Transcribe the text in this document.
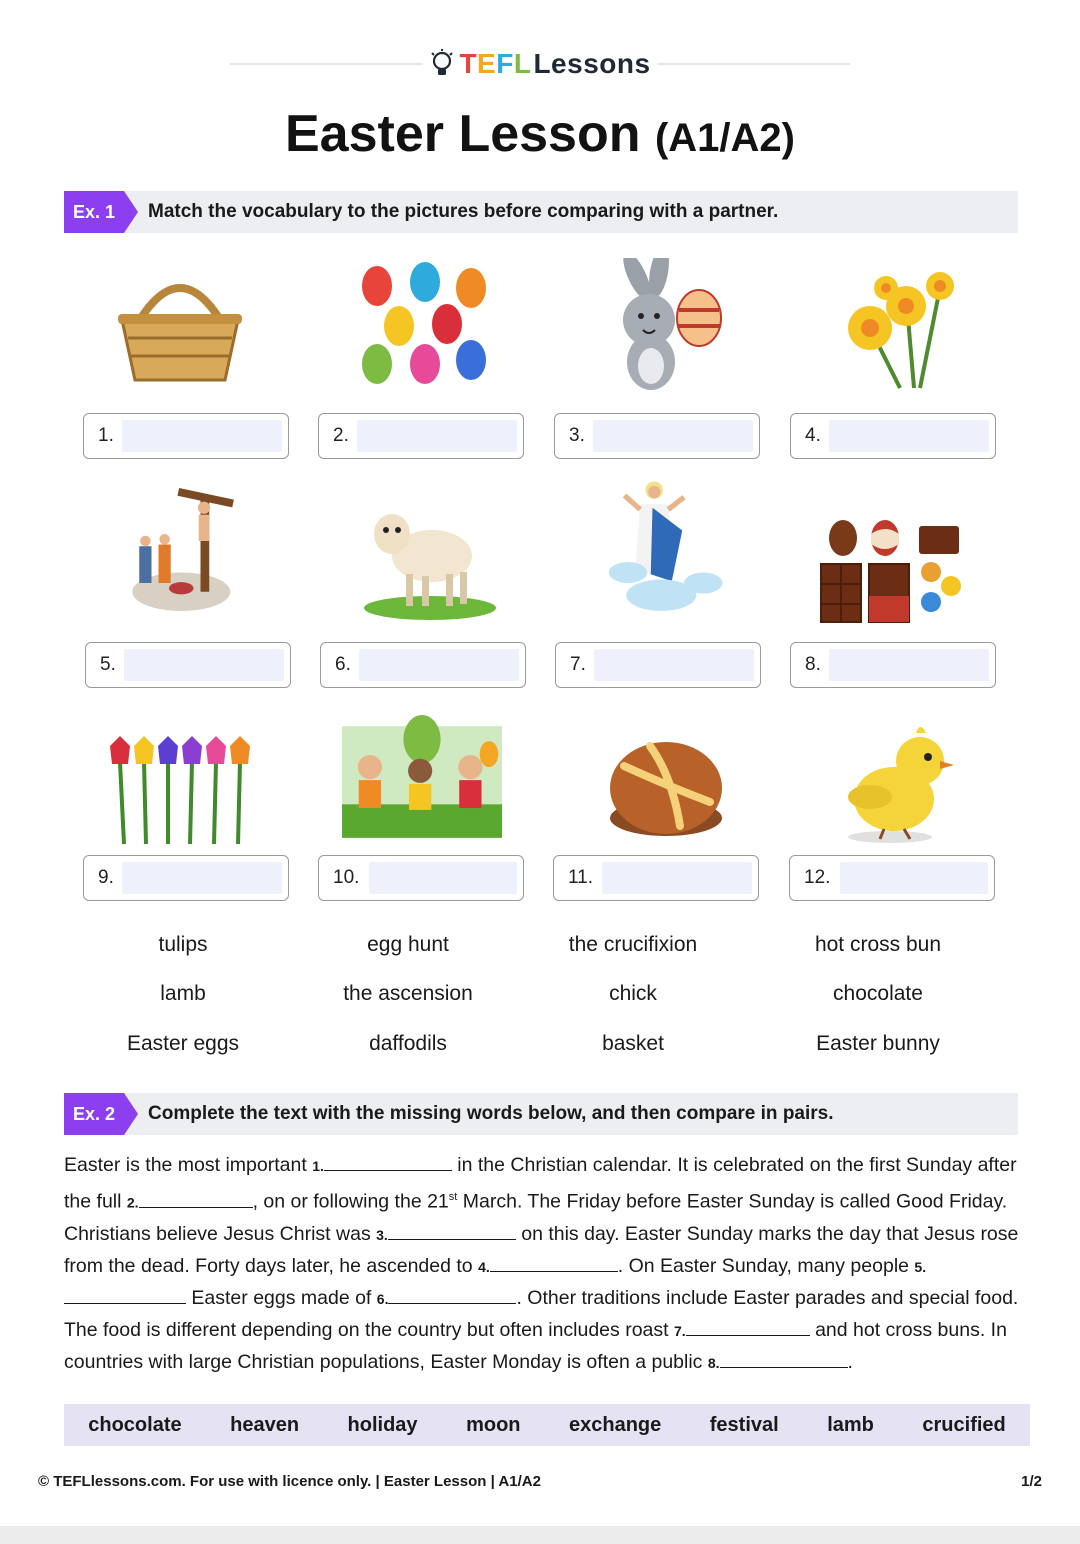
T E F L Lessons
Easter Lesson (A1/A2)
Ex. 1	Match the vocabulary to the pictures before comparing with a partner.
1.	2.	3.	4.
5.	6.	7.	8.
9.	10.	11.	12.
tulips	egg hunt	the crucifixion	hot cross bun
lamb	the ascension	chick	chocolate
Easter eggs	daffodils	basket	Easter bunny
Ex. 2	Complete the text with the missing words below, and then compare in pairs.
Easter is the most important 1.	in the Christian calendar. It is celebrated on the first Sunday after the full 2.	, on or following the 21st March. The Friday before Easter Sunday is called Good Friday. Christians believe Jesus Christ was 3.	on this day. Easter Sunday marks the day that Jesus rose from the dead. Forty days later, he ascended to 4.	. On Easter Sunday, many people 5.  Easter eggs made of 6.	. Other traditions include Easter parades and special food. The food is different depending on the country but often includes roast 7.	and hot cross buns. In countries with large Christian populations, Easter Monday is often a public 8.	.
chocolate heaven holiday moon exchange festival lamb crucified
© TEFLlessons.com. For use with licence only. | Easter Lesson | A1/A2	1/2
